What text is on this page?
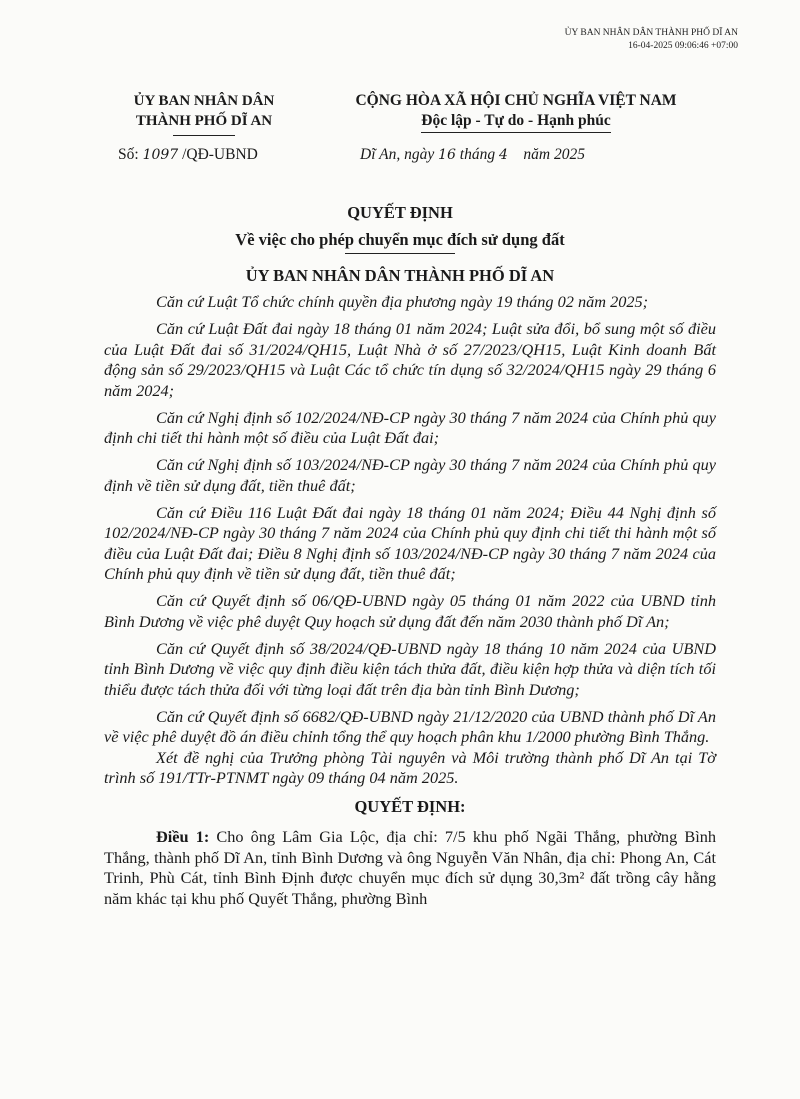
ỦY BAN NHÂN DÂN THÀNH PHỐ DĨ AN
16-04-2025 09:06:46 +07:00
ỦY BAN NHÂN DÂN
THÀNH PHỐ DĨ AN
CỘNG HÒA XÃ HỘI CHỦ NGHĨA VIỆT NAM
Độc lập - Tự do - Hạnh phúc
Số: 1097 /QĐ-UBND	Dĩ An, ngày 16 tháng 4 năm 2025
QUYẾT ĐỊNH
Về việc cho phép chuyển mục đích sử dụng đất
ỦY BAN NHÂN DÂN THÀNH PHỐ DĨ AN

Căn cứ Luật Tổ chức chính quyền địa phương ngày 19 tháng 02 năm 2025;

Căn cứ Luật Đất đai ngày 18 tháng 01 năm 2024; Luật sửa đổi, bổ sung một số điều của Luật Đất đai số 31/2024/QH15, Luật Nhà ở số 27/2023/QH15, Luật Kinh doanh Bất động sản số 29/2023/QH15 và Luật Các tổ chức tín dụng số 32/2024/QH15 ngày 29 tháng 6 năm 2024;

Căn cứ Nghị định số 102/2024/NĐ-CP ngày 30 tháng 7 năm 2024 của Chính phủ quy định chi tiết thi hành một số điều của Luật Đất đai;

Căn cứ Nghị định số 103/2024/NĐ-CP ngày 30 tháng 7 năm 2024 của Chính phủ quy định về tiền sử dụng đất, tiền thuê đất;

Căn cứ Điều 116 Luật Đất đai ngày 18 tháng 01 năm 2024; Điều 44 Nghị định số 102/2024/NĐ-CP ngày 30 tháng 7 năm 2024 của Chính phủ quy định chi tiết thi hành một số điều của Luật Đất đai; Điều 8 Nghị định số 103/2024/NĐ-CP ngày 30 tháng 7 năm 2024 của Chính phủ quy định về tiền sử dụng đất, tiền thuê đất;

Căn cứ Quyết định số 06/QĐ-UBND ngày 05 tháng 01 năm 2022 của UBND tỉnh Bình Dương về việc phê duyệt Quy hoạch sử dụng đất đến năm 2030 thành phố Dĩ An;

Căn cứ Quyết định số 38/2024/QĐ-UBND ngày 18 tháng 10 năm 2024 của UBND tỉnh Bình Dương về việc quy định điều kiện tách thửa đất, điều kiện hợp thửa và diện tích tối thiểu được tách thửa đối với từng loại đất trên địa bàn tỉnh Bình Dương;

Căn cứ Quyết định số 6682/QĐ-UBND ngày 21/12/2020 của UBND thành phố Dĩ An về việc phê duyệt đồ án điều chỉnh tổng thể quy hoạch phân khu 1/2000 phường Bình Thắng.

Xét đề nghị của Trưởng phòng Tài nguyên và Môi trường thành phố Dĩ An tại Tờ trình số 191/TTr-PTNMT ngày 09 tháng 04 năm 2025.

QUYẾT ĐỊNH:

Điều 1: Cho ông Lâm Gia Lộc, địa chỉ: 7/5 khu phố Ngãi Thắng, phường Bình Thắng, thành phố Dĩ An, tỉnh Bình Dương và ông Nguyễn Văn Nhân, địa chỉ: Phong An, Cát Trinh, Phù Cát, tỉnh Bình Định được chuyển mục đích sử dụng 30,3m² đất trồng cây hằng năm khác tại khu phố Quyết Thắng, phường Bình
